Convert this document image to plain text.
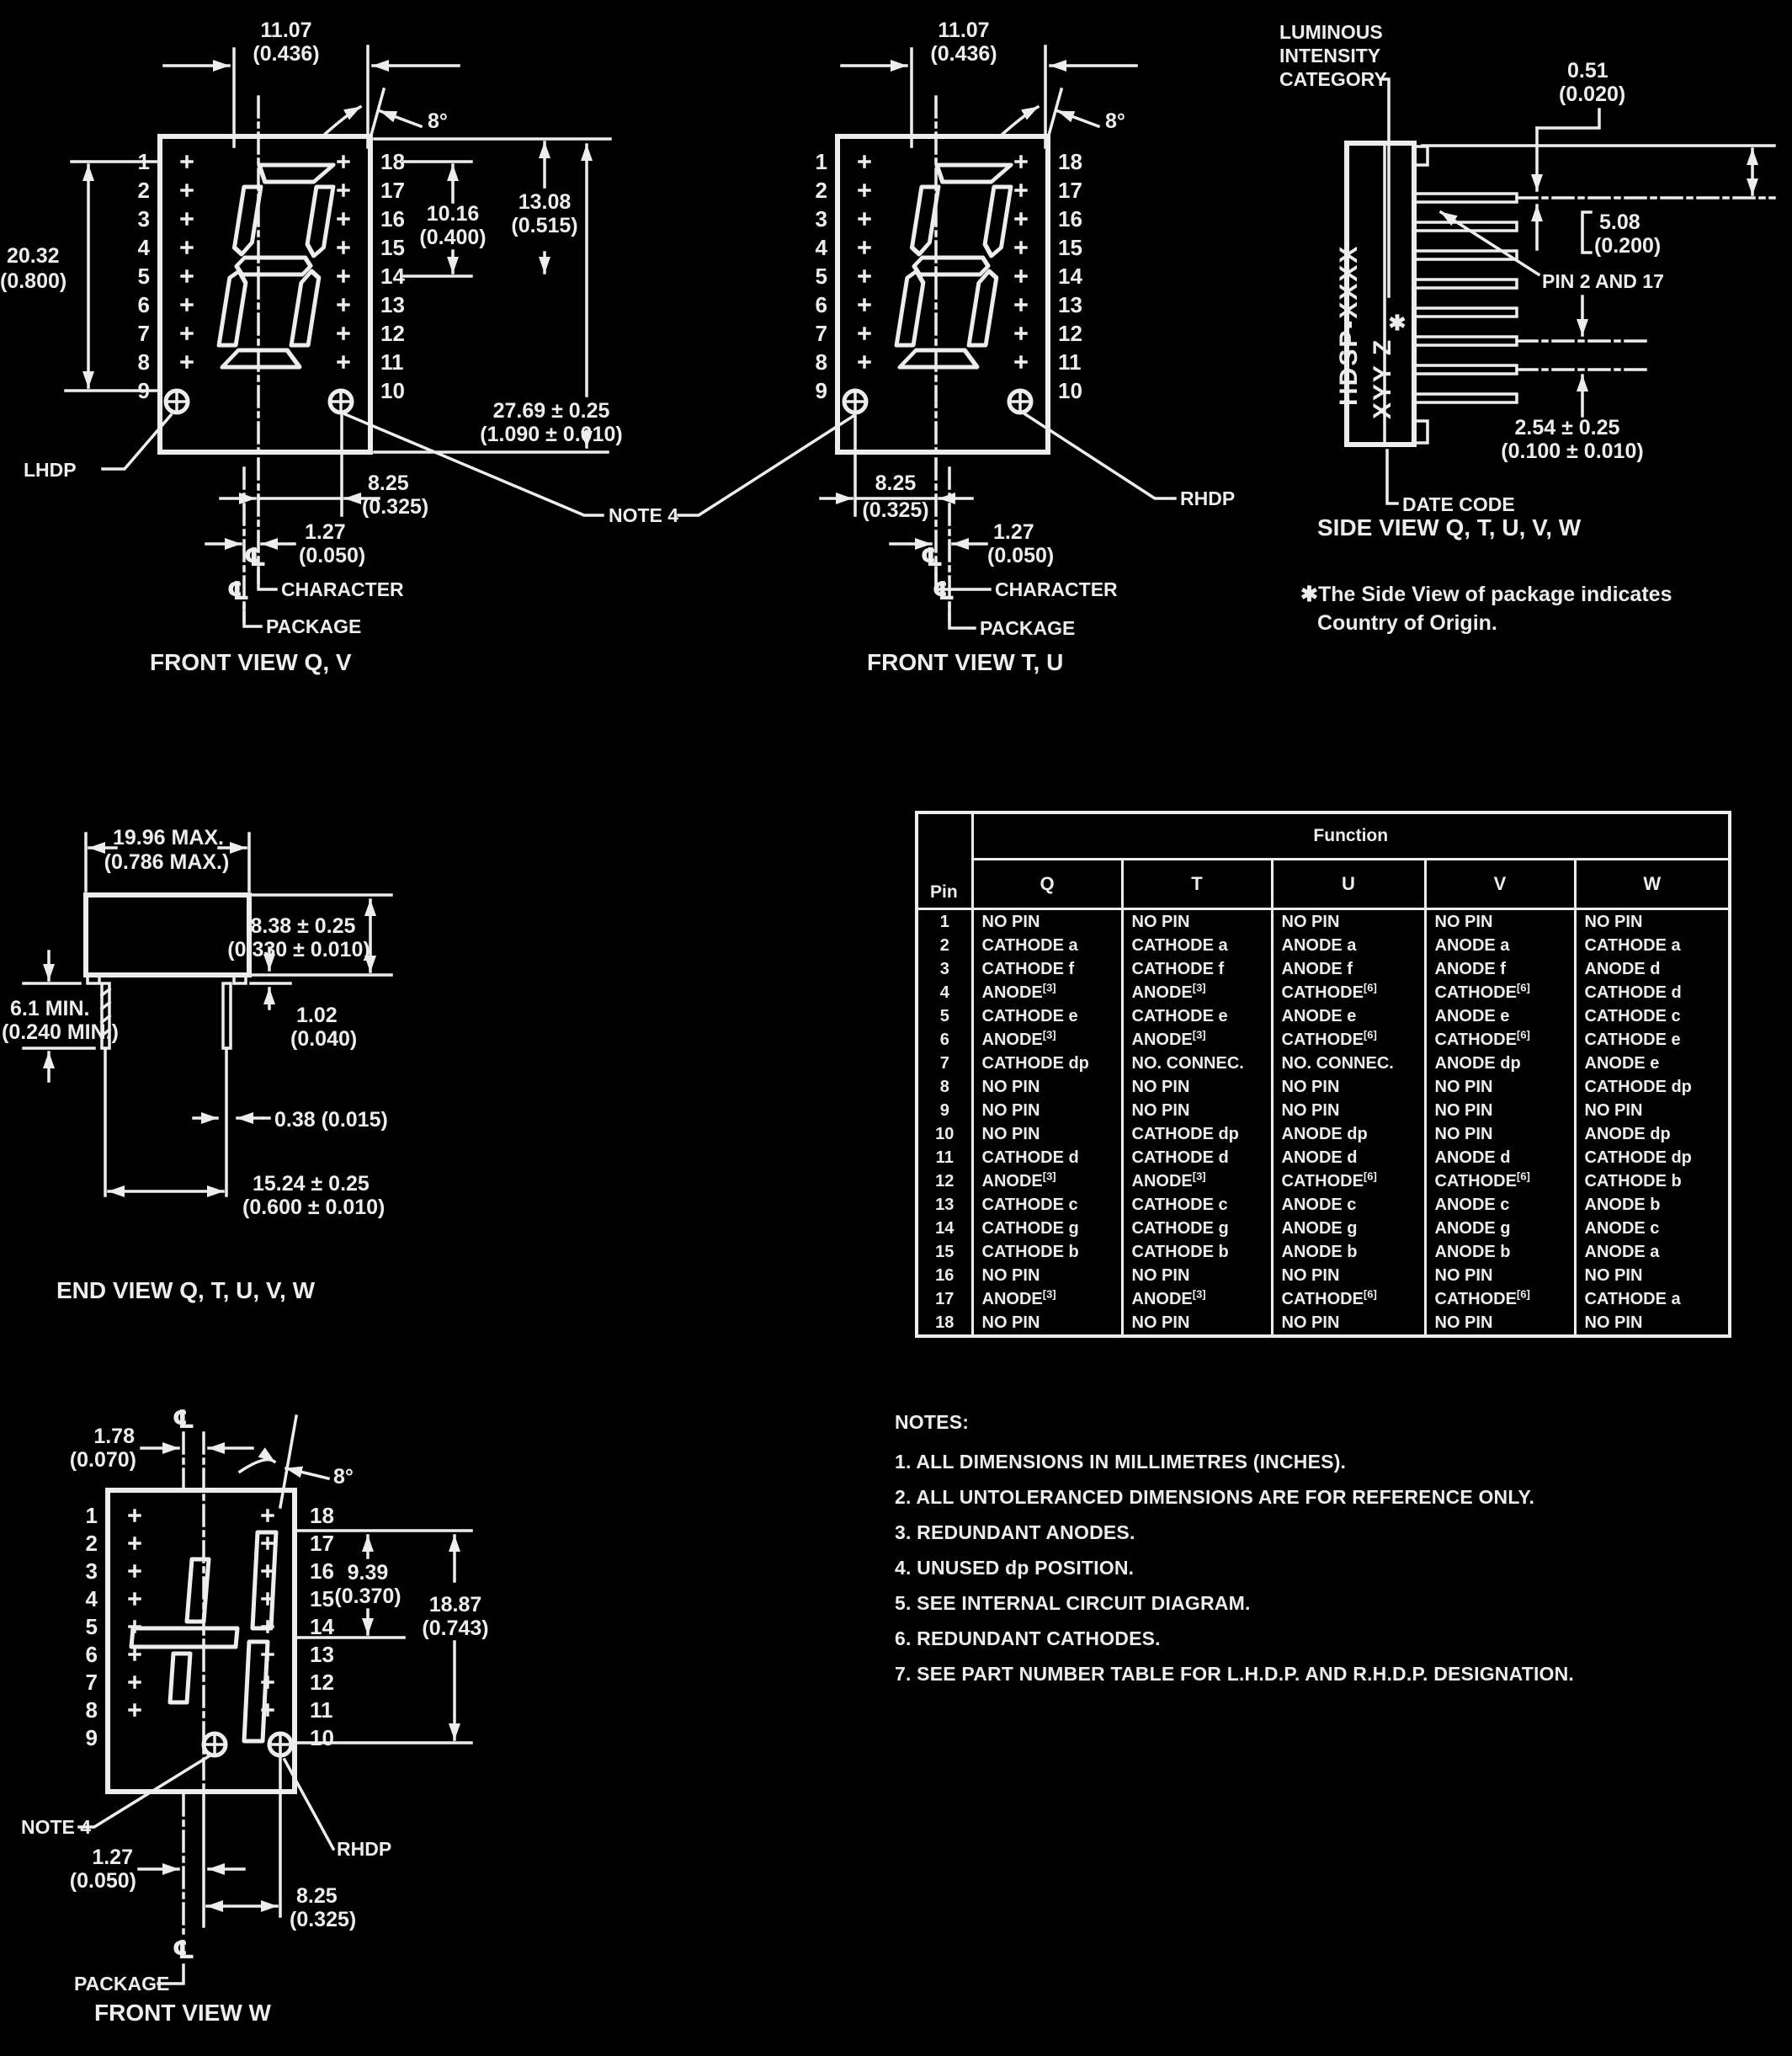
1
2
3
4
5
6
7
8
9
18
17
16
15
14
13
12
11
10
11.07
(0.436)
8°
20.32
(0.800)
10.16
(0.400)
13.08
(0.515)
27.69 ± 0.25
(1.090 ± 0.010)
8.25
(0.325)
1.27
(0.050)
℄
CHARACTER
℄
PACKAGE
LHDP
FRONT VIEW Q, V
1
2
3
4
5
6
7
8
9
18
17
16
15
14
13
12
11
10
11.07
(0.436)
8°
8.25
(0.325)
1.27
(0.050)
℄
CHARACTER
℄
PACKAGE
FRONT VIEW T, U
NOTE 4
RHDP
HDSP-XXXX XYY Z
✱
LUMINOUS
INTENSITY
CATEGORY	0.51
(0.020)
5.08
(0.200)
PIN 2 AND 17
2.54 ± 0.25
(0.100 ± 0.010)
DATE CODE
SIDE VIEW Q, T, U, V, W
✱The Side View of package indicates
Country of Origin.
19.96 MAX.
(0.786 MAX.)
8.38 ± 0.25
(0.330 ± 0.010)
1.02
(0.040)
6.1 MIN.
(0.240 MIN.)
0.38 (0.015)
15.24 ± 0.25
(0.600 ± 0.010)
END VIEW Q, T, U, V, W
1
2
3
4
5
6
7
8
9
18
17
16
15
14
13
12
11
10
℄
1.78
(0.070)
8°
9.39
(0.370) 18.87
(0.743)
NOTE 4
RHDP
1.27
(0.050)
8.25
(0.325)
℄
PACKAGE
FRONT VIEW W
Pin	Function				
	Q	T	U	V	W
1	NO PIN	NO PIN	NO PIN	NO PIN	NO PIN
2	CATHODE a	CATHODE a	ANODE a	ANODE a	CATHODE a
3	CATHODE f	CATHODE f	ANODE f	ANODE f	ANODE d
4	ANODE[3]	ANODE[3]	CATHODE[6]	CATHODE[6]	CATHODE d
5	CATHODE e	CATHODE e	ANODE e	ANODE e	CATHODE c
6	ANODE[3]	ANODE[3]	CATHODE[6]	CATHODE[6]	CATHODE e
7	CATHODE dp	NO. CONNEC.	NO. CONNEC.	ANODE dp	ANODE e
8	NO PIN	NO PIN	NO PIN	NO PIN	CATHODE dp
9	NO PIN	NO PIN	NO PIN	NO PIN	NO PIN
10	NO PIN	CATHODE dp	ANODE dp	NO PIN	ANODE dp
11	CATHODE d	CATHODE d	ANODE d	ANODE d	CATHODE dp
12	ANODE[3]	ANODE[3]	CATHODE[6]	CATHODE[6]	CATHODE b
13	CATHODE c	CATHODE c	ANODE c	ANODE c	ANODE b
14	CATHODE g	CATHODE g	ANODE g	ANODE g	ANODE c
15	CATHODE b	CATHODE b	ANODE b	ANODE b	ANODE a
16	NO PIN	NO PIN	NO PIN	NO PIN	NO PIN
17	ANODE[3]	ANODE[3]	CATHODE[6]	CATHODE[6]	CATHODE a
18	NO PIN	NO PIN	NO PIN	NO PIN	NO PIN
NOTES:
1. ALL DIMENSIONS IN MILLIMETRES (INCHES).
2. ALL UNTOLERANCED DIMENSIONS ARE FOR REFERENCE ONLY.
3. REDUNDANT ANODES.
4. UNUSED dp POSITION.
5. SEE INTERNAL CIRCUIT DIAGRAM.
6. REDUNDANT CATHODES.
7. SEE PART NUMBER TABLE FOR L.H.D.P. AND R.H.D.P. DESIGNATION.
